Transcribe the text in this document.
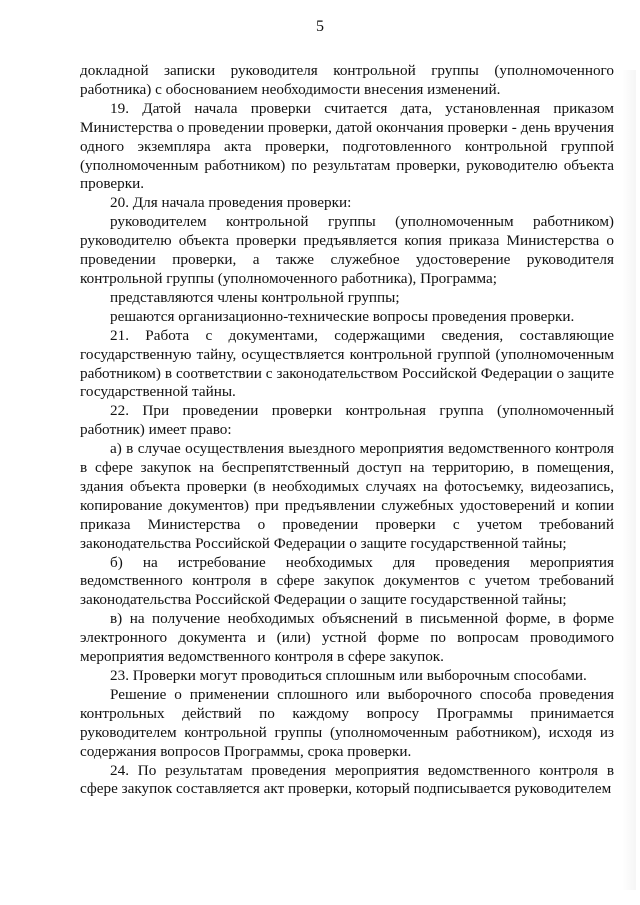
5

докладной записки руководителя контрольной группы (уполномоченного работника) с обоснованием необходимости внесения изменений.

19. Датой начала проверки считается дата, установленная приказом Министерства о проведении проверки, датой окончания проверки - день вручения одного экземпляра акта проверки, подготовленного контрольной группой (уполномоченным работником) по результатам проверки, руководителю объекта проверки.

20. Для начала проведения проверки:

руководителем контрольной группы (уполномоченным работником) руководителю объекта проверки предъявляется копия приказа Министерства о проведении проверки, а также служебное удостоверение руководителя контрольной группы (уполномоченного работника), Программа;

представляются члены контрольной группы;

решаются организационно-технические вопросы проведения проверки.

21. Работа с документами, содержащими сведения, составляющие государственную тайну, осуществляется контрольной группой (уполномоченным работником) в соответствии с законодательством Российской Федерации о защите государственной тайны.

22. При проведении проверки контрольная группа (уполномоченный работник) имеет право:

а) в случае осуществления выездного мероприятия ведомственного контроля в сфере закупок на беспрепятственный доступ на территорию, в помещения, здания объекта проверки (в необходимых случаях на фотосъемку, видеозапись, копирование документов) при предъявлении служебных удостоверений и копии приказа Министерства о проведении проверки с учетом требований законодательства Российской Федерации о защите государственной тайны;

б) на истребование необходимых для проведения мероприятия ведомственного контроля в сфере закупок документов с учетом требований законодательства Российской Федерации о защите государственной тайны;

в) на получение необходимых объяснений в письменной форме, в форме электронного документа и (или) устной форме по вопросам проводимого мероприятия ведомственного контроля в сфере закупок.

23. Проверки могут проводиться сплошным или выборочным способами.

Решение о применении сплошного или выборочного способа проведения контрольных действий по каждому вопросу Программы принимается руководителем контрольной группы (уполномоченным работником), исходя из содержания вопросов Программы, срока проверки.

24. По результатам проведения мероприятия ведомственного контроля в сфере закупок составляется акт проверки, который подписывается руководителем
